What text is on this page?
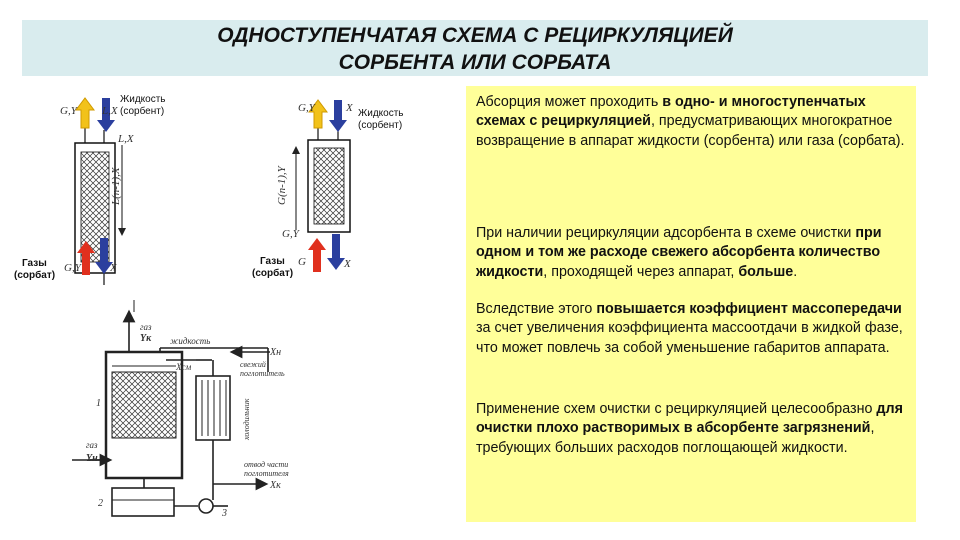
ОДНОСТУПЕНЧАТАЯ СХЕМА С РЕЦИРКУЛЯЦИЕЙ
СОРБЕНТА ИЛИ СОРБАТА

Абсорция может проходить в одно- и многоступенчатых схемах с рециркуляцией, предусматривающих многократное возвращение в аппарат жидкости (сорбента) или газа (сорбата).

При наличии рециркуляции адсорбента в схеме очистки при одном и том же расходе свежего абсорбента количество жидкости, проходящей через аппарат, больше.

Вследствие этого повышается коэффициент массопередачи за счет увеличения коэффициента массоотдачи в жидкой фазе, что может повлечь за собой уменьшение габаритов аппарата.

Применение схем очистки с рециркуляцией целесообразно для очистки плохо растворимых в абсорбенте загрязнений, требующих больших расходов поглощающей жидкости.

Жидкость (сорбент)
G,Y L,X
L,X
L(n-1),X
Газы
(сорбат)
G,Y	X
Жидкость (сорбент)
G,Y	X
G(n-1),Y
G,Y
Газы
(сорбат)
G	X
газ
Yк жидкость
Xн
Xсм	свежий поглотитель
холодильник
газ
Yн
отвод части поглотителя
Xк
1
2
3
